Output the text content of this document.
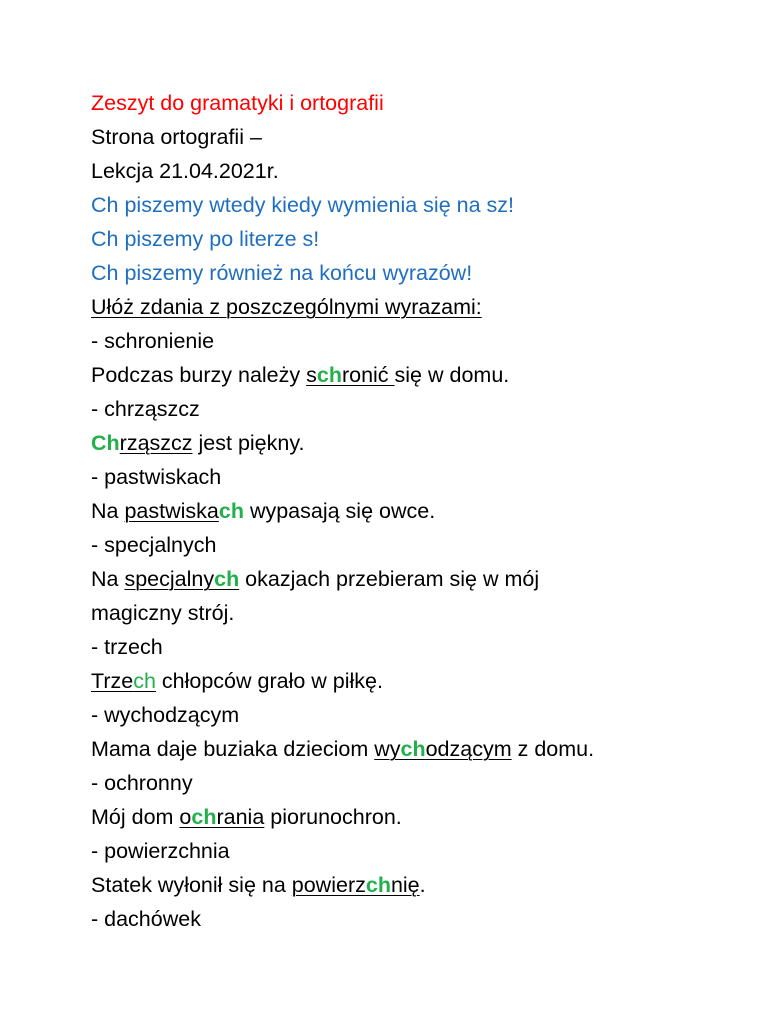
Zeszyt do gramatyki i ortografii
Strona ortografii –
Lekcja 21.04.2021r.
Ch piszemy wtedy kiedy wymienia się na sz!
Ch piszemy po literze s!
Ch piszemy również na końcu wyrazów!
Ułóż zdania z poszczególnymi wyrazami:
- schronienie
Podczas burzy należy schronić się w domu.
- chrząszcz
Chrząszcz jest piękny.
- pastwiskach
Na pastwiskach wypasają się owce.
- specjalnych
Na specjalnych okazjach przebieram się w mój
magiczny strój.
- trzech
Trzech chłopców grało w piłkę.
- wychodzącym
Mama daje buziaka dzieciom wychodzącym z domu.
- ochronny
Mój dom ochrania piorunochron.
- powierzchnia
Statek wyłonił się na powierzchnię.
- dachówek
